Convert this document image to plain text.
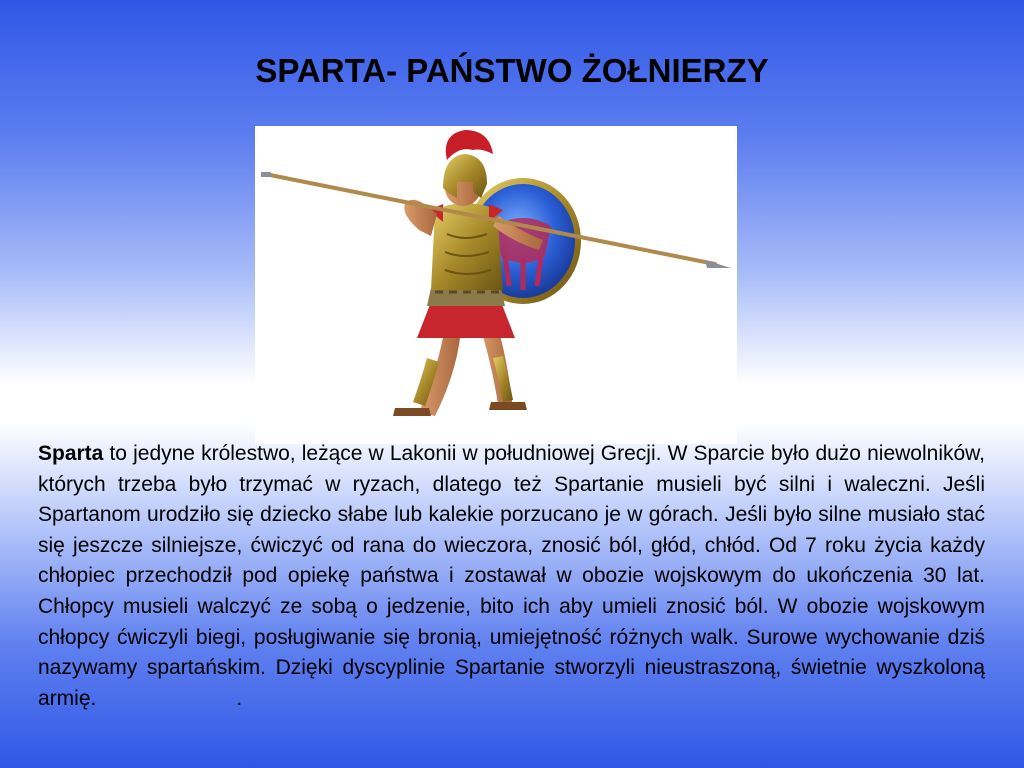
SPARTA- PAŃSTWO ŻOŁNIERZY
Sparta to jedyne królestwo, leżące w Lakonii w południowej Grecji. W Sparcie było dużo niewolników, których trzeba było trzymać w ryzach, dlatego też Spartanie musieli być silni i waleczni. Jeśli Spartanom urodziło się dziecko słabe lub kalekie porzucano je w górach. Jeśli było silne musiało stać się jeszcze silniejsze, ćwiczyć od rana do wieczora, znosić ból, głód, chłód. Od 7 roku życia każdy chłopiec przechodził pod opiekę państwa i zostawał w obozie wojskowym do ukończenia 30 lat. Chłopcy musieli walczyć ze sobą o jedzenie, bito ich aby umieli znosić ból. W obozie wojskowym chłopcy ćwiczyli biegi, posługiwanie się bronią, umiejętność różnych walk. Surowe wychowanie dziś nazywamy spartańskim. Dzięki dyscyplinie Spartanie stworzyli nieustraszoną, świetnie wyszkoloną armię.                        .
